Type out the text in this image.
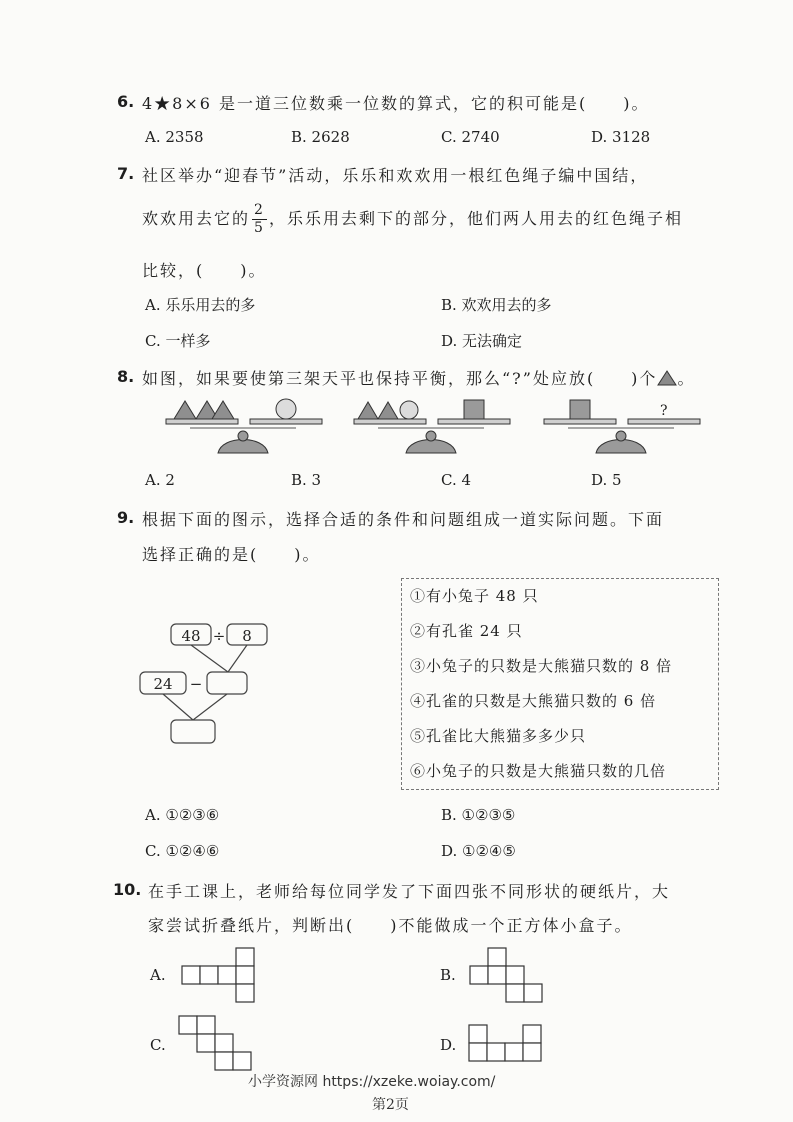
6. 4★8×6 是一道三位数乘一位数的算式，它的积可能是(　　)。
A. 2358	B. 2628	C. 2740	D. 3128
7. 社区举办“迎春节”活动，乐乐和欢欢用一根红色绳子编中国结，
欢欢用去它的 $\frac{2}{5}$ ，乐乐用去剩下的部分，他们两人用去的红色绳子相
比较，(　　)。
A. 乐乐用去的多	B. 欢欢用去的多
C. 一样多	D. 无法确定
8. 如图，如果要使第三架天平也保持平衡，那么“?”处应放(　　)个 。
?
A. 2	B. 3	C. 4	D. 5
9. 根据下面的图示，选择合适的条件和问题组成一道实际问题。下面
选择正确的是(　　)。
48 ÷ 8
24 −
①有小兔子 48 只
②有孔雀 24 只
③小兔子的只数是大熊猫只数的 8 倍
④孔雀的只数是大熊猫只数的 6 倍
⑤孔雀比大熊猫多多少只
⑥小兔子的只数是大熊猫只数的几倍
A. ①②③⑥	B. ①②③⑤
C. ①②④⑥	D. ①②④⑤
10. 在手工课上，老师给每位同学发了下面四张不同形状的硬纸片，大
家尝试折叠纸片，判断出(　　)不能做成一个正方体小盒子。
A.	B.
C.	D.
小学资源网 https://xzeke.woiay.com/
第2页
